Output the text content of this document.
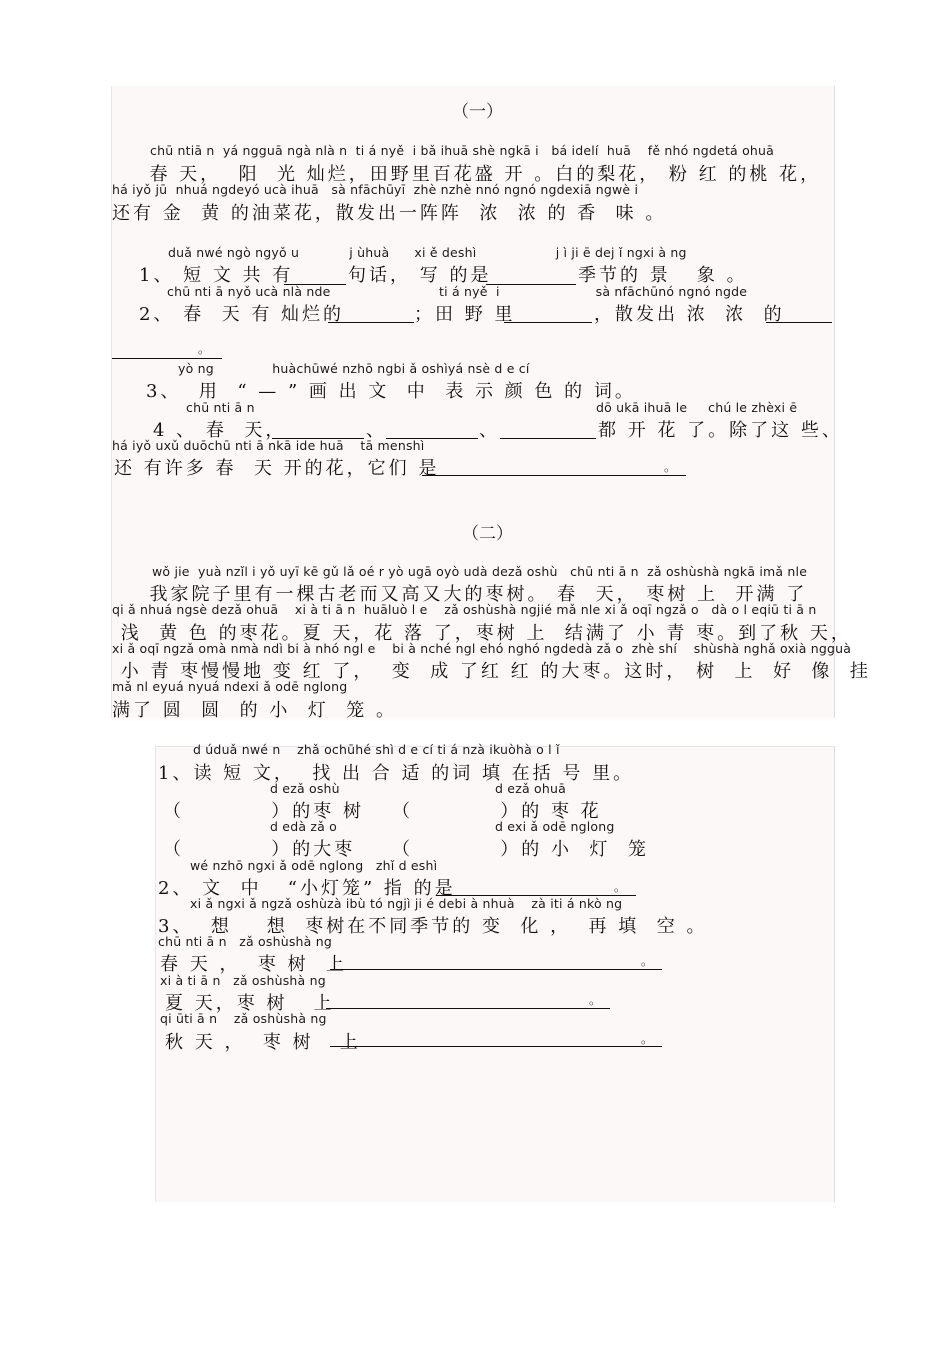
（一）
chū ntiā n  yá ngguā ngà nlà n  ti á nyě  i bǎ ihuā shè ngkā i   bá idelí  huā    fě nhó ngdetá ohuā
春 天，  阳  光 灿烂，田野里百花盛 开 。白的梨花， 粉 红 的桃 花，
há iyǒ jū  nhuá ngdeyó ucà ihuā   sà nfāchūyī  zhè nzhè nnó ngnó ngdexiā ngwè i
还有 金  黄 的油菜花，散发出一阵阵  浓  浓 的 香  味 。
duǎ nwé ngò ngyǒ u            j ùhuà      xi ě deshì                   j ì ji ē dej ǐ ngxi à ng
1、 短 文 共 有	句话， 写 的是	季节的 景   象 。
chū nti ā nyǒ ucà nlà nde                          ti á nyě  i                       sà nfāchūnó ngnó ngde
2、 春  天 有 灿烂的	；田 野 里	，散发出 浓  浓  的
。
yò ng              huàchūwé nzhō ngbi ǎ oshìyá nsè d e cí
3、  用  “ — ” 画 出 文  中  表 示 颜 色 的 词。
chū nti ā n	dō ukā ihuā le     chú le zhèxi ē
4 、 春  天，	、	、	都 开 花 了。除了这 些、
há iyǒ uxǔ duōchū nti ā nkā ide huā    tā menshì
还 有许多 春  天 开的花，它们 是	。
（二）
wǒ jie  yuà nzǐl i yǒ uyī kē gǔ lǎ oé r yò ugā oyò udà dezǎ oshù   chū nti ā n  zǎ oshùshà ngkā imǎ nle
我家院子里有一棵古老而又高又大的枣树。 春  天， 枣树 上  开满 了
qi ǎ nhuá ngsè dezǎ ohuā    xi à ti ā n  huāluò l e    zǎ oshùshà ngjié mǎ nle xi ǎ oqī ngzǎ o   dà o l eqiū ti ā n
浅  黄 色 的枣花。夏 天，花 落 了，枣树 上  结满了 小 青 枣。到了秋 天，
xi ǎ oqī ngzǎ omà nmà ndì bi à nhó ngl e    bi à nché ngl ehó nghó ngdedà zǎ o  zhè shí    shùshà nghǎ oxià ngguà
小 青 枣慢慢地 变 红 了，  变  成 了红 红 的大枣。这时， 树  上  好  像  挂
mǎ nl eyuá nyuá ndexi ǎ odē nglong
满了 圆  圆  的 小  灯  笼 。
d úduǎ nwé n    zhǎ ochūhé shì d e cí ti á nzà ikuòhà o l ǐ
1、读 短 文，  找 出 合 适 的词 填 在括 号 里。
d ezǎ oshù	d ezǎ ohuā
（          ）的枣 树 （          ）的 枣 花
d edà zǎ o	d exi ǎ odē nglong
（          ）的大枣 （          ）的 小  灯  笼
wé nzhō ngxi ǎ odē nglong   zhǐ d eshì
2、 文  中   “小灯笼” 指 的是	。
xi ǎ ngxi ǎ ngzǎ oshùzà ibù tó ngjì ji é debi à nhuà    zà iti á nkò ng
3、  想    想  枣树在不同季节的 变  化 ，  再 填  空 。
chū nti ā n   zǎ oshùshà ng
春 天 ，  枣 树  上	。
xi à ti ā n   zǎ oshùshà ng
夏 天，枣 树   上	。
qi ūti ā n    zǎ oshùshà ng
秋 天 ，  枣 树   上	。
